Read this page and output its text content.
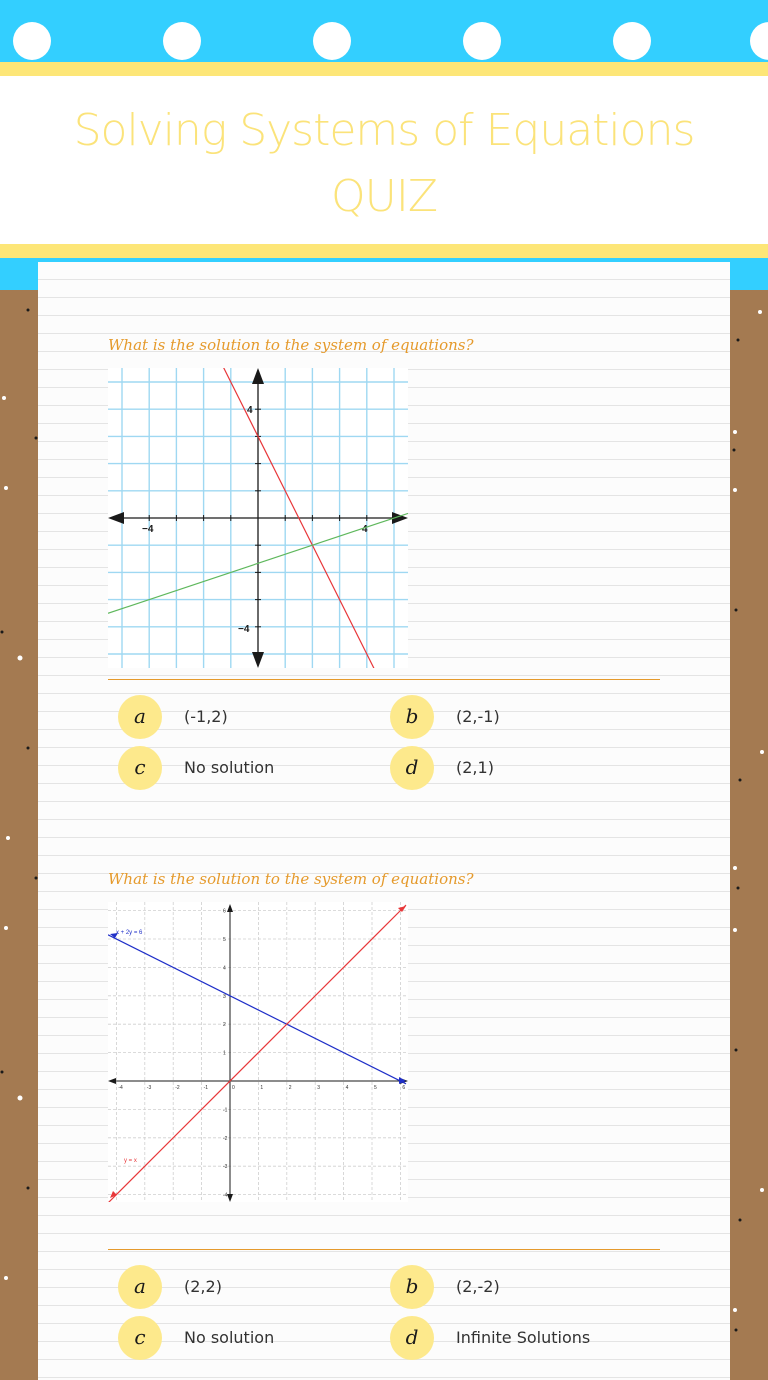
Solving Systems of Equations
QUIZ
What is the solution to the system of equations?
−4	4
4
−4
a	(-1,2)	b	(2,-1)
c	No solution	d	(2,1)
What is the solution to the system of equations?
-4	-3	-2	-1	0	1	2	3	4	5	6
6
5
4
3
2
1
-1
-2
-3
-4
x + 2y = 6
y = x
a	(2,2)	b	(2,-2)
c	No solution	d	Infinite Solutions
